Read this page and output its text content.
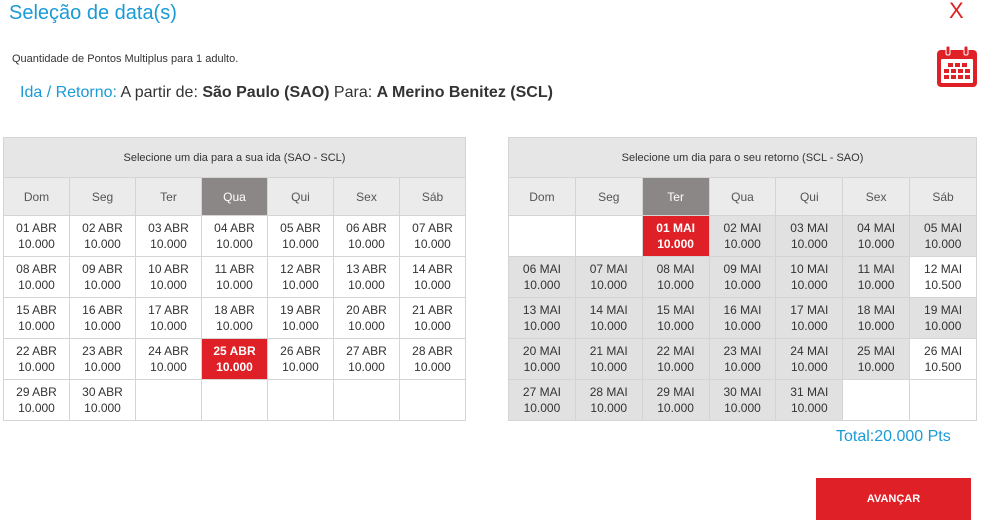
Seleção de data(s)	X
Quantidade de Pontos Multiplus para 1 adulto.
Ida / Retorno: A partir de: São Paulo (SAO) Para: A Merino Benitez (SCL)
Selecione um dia para a sua ida (SAO - SCL)						
Dom	Seg	Ter	Qua	Qui	Sex	Sáb

01 ABR
10.000	02 ABR
10.000	03 ABR
10.000	04 ABR
10.000	05 ABR
10.000	06 ABR
10.000	07 ABR
10.000

08 ABR
10.000	09 ABR
10.000	10 ABR
10.000	11 ABR
10.000	12 ABR
10.000	13 ABR
10.000	14 ABR
10.000

15 ABR
10.000	16 ABR
10.000	17 ABR
10.000	18 ABR
10.000	19 ABR
10.000	20 ABR
10.000	21 ABR
10.000

22 ABR
10.000	23 ABR
10.000	24 ABR
10.000	25 ABR
10.000	26 ABR
10.000	27 ABR
10.000	28 ABR
10.000

29 ABR
10.000	30 ABR
10.000					

Selecione um dia para o seu retorno (SCL - SAO)						
Dom	Seg	Ter	Qua	Qui	Sex	Sáb

		01 MAI
10.000	02 MAI
10.000	03 MAI
10.000	04 MAI
10.000	05 MAI
10.000

06 MAI
10.000	07 MAI
10.000	08 MAI
10.000	09 MAI
10.000	10 MAI
10.000	11 MAI
10.000	12 MAI
10.500

13 MAI
10.000	14 MAI
10.000	15 MAI
10.000	16 MAI
10.000	17 MAI
10.000	18 MAI
10.000	19 MAI
10.000

20 MAI
10.000	21 MAI
10.000	22 MAI
10.000	23 MAI
10.000	24 MAI
10.000	25 MAI
10.000	26 MAI
10.500

27 MAI
10.000	28 MAI
10.000	29 MAI
10.000	30 MAI
10.000	31 MAI
10.000		

Total:20.000 Pts
AVANÇAR
